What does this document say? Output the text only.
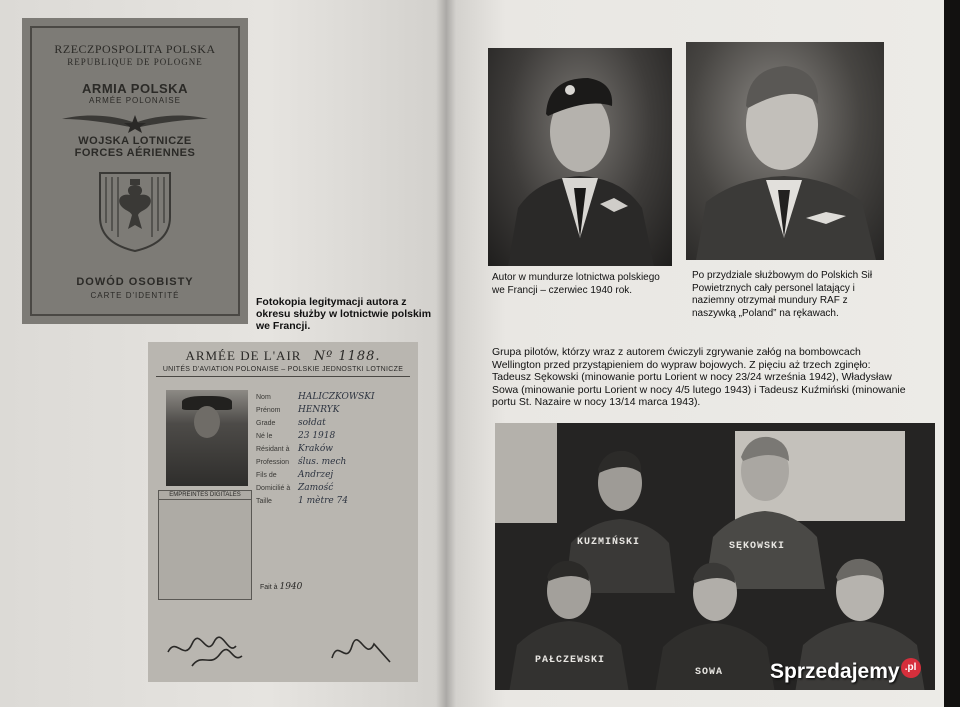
RZECZPOSPOLITA POLSKA
REPUBLIQUE DE POLOGNE
ARMIA POLSKA
ARMÉE POLONAISE
WOJSKA LOTNICZE
FORCES AÉRIENNES
DOWÓD OSOBISTY
CARTE D'IDENTITÉ
Fotokopia legitymacji autora z okresu służby w lotnictwie polskim we Francji.
ARMÉE DE L'AIR Nº 1188.
UNITÉS D'AVIATION POLONAISE – POLSKIE JEDNOSTKI LOTNICZE
Nom	HALICZKOWSKI
Prénom	HENRYK
Grade	sołdat
Né le	23 1918
Résidant à Kraków
Profession ślus. mech
Fils de	Andrzej
Domicilié à Zamość
Taille	1 mètre 74
EMPREINTES DIGITALES
Fait à 1940
Autor w mundurze lotnictwa polskiego we Francji – czerwiec 1940 rok.
Po przydziale służbowym do Polskich Sił Powietrznych cały personel latający i naziemny otrzymał mundury RAF z naszywką „Poland” na rękawach.
Grupa pilotów, którzy wraz z autorem ćwiczyli zgrywanie załóg na bombowcach Wellington przed przystąpieniem do wypraw bojowych. Z pięciu aż trzech zginęło: Tadeusz Sękowski (minowanie portu Lorient w nocy 23/24 września 1942), Władysław Sowa (minowanie portu Lorient w nocy 4/5 lutego 1943) i Tadeusz Kuźmiński (minowanie portu St. Nazaire w nocy 13/14 marca 1943).
KUZMIŃSKI	SĘKOWSKI
PAŁCZEWSKI
SOWA Sprzedajemy .pl
